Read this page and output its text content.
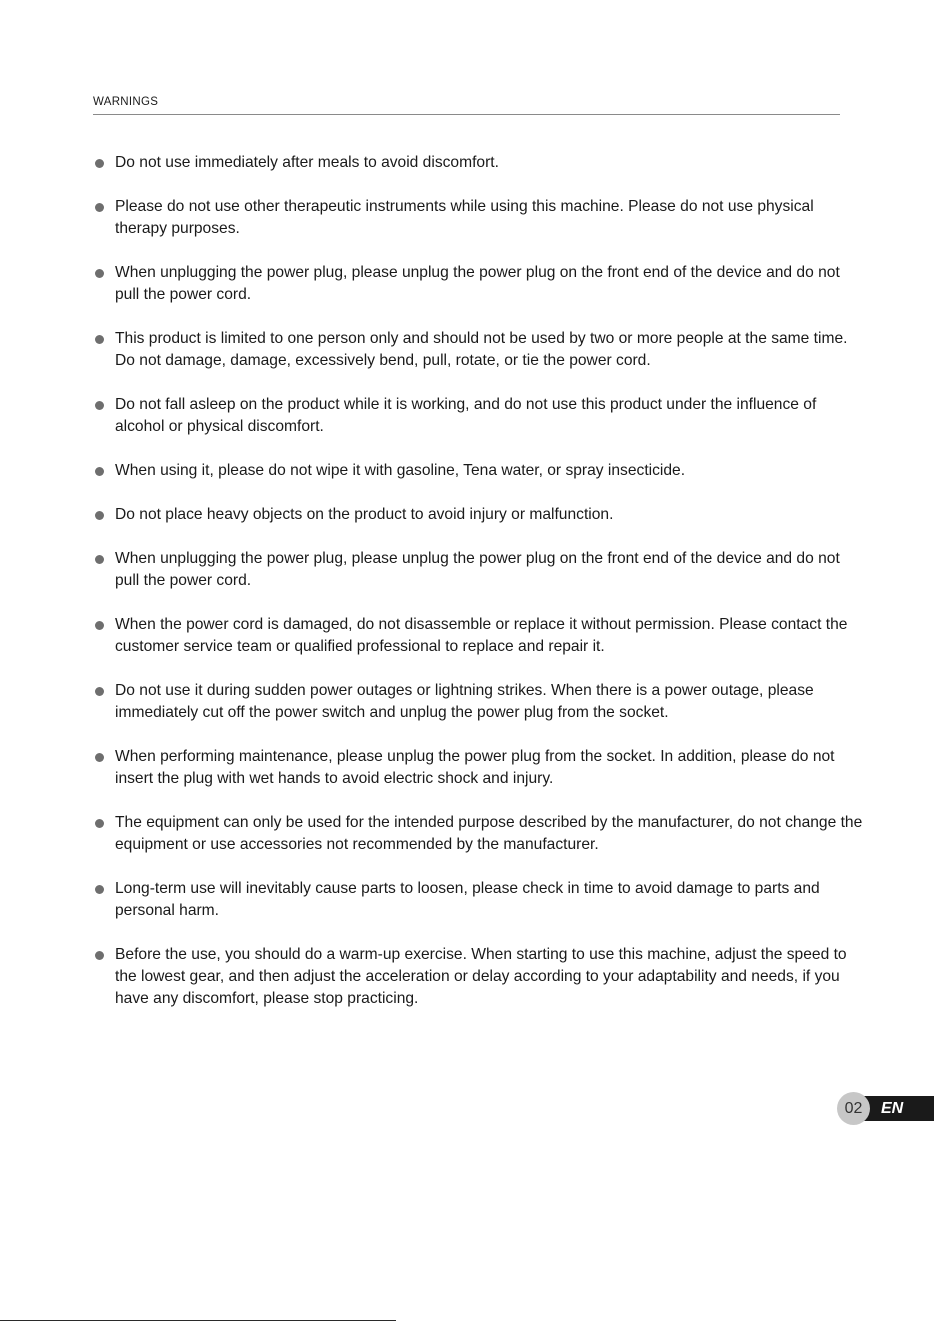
WARNINGS
Do not use immediately after meals to avoid discomfort.
Please do not use other therapeutic instruments while using this machine. Please do not use physical therapy purposes.
When unplugging the power plug, please unplug the power plug on the front end of the device and do not pull the power cord.
This product is limited to one person only and should not be used by two or more people at the same time. Do not damage, damage, excessively bend, pull, rotate, or tie the power cord.
Do not fall asleep on the product while it is working, and do not use this product under the influence of alcohol or physical discomfort.
When using it, please do not wipe it with gasoline, Tena water, or spray insecticide.
Do not place heavy objects on the product to avoid injury or malfunction.
When unplugging the power plug, please unplug the power plug on the front end of the device and do not pull the power cord.
When the power cord is damaged, do not disassemble or replace it without permission. Please contact the customer service team or qualified professional to replace and repair it.
Do not use it during sudden power outages or lightning strikes. When there is a power outage, please immediately cut off the power switch and unplug the power plug from the socket.
When performing maintenance, please unplug the power plug from the socket. In addition, please do not insert the plug with wet hands to avoid electric shock and injury.
The equipment can only be used for the intended purpose described by the manufacturer, do not change the equipment or use accessories not recommended by the manufacturer.
Long-term use will inevitably cause parts to loosen, please check in time to avoid damage to parts and personal harm.
Before the use, you should do a warm-up exercise. When starting to use this machine, adjust the speed to the lowest gear, and then adjust the acceleration or delay according to your adaptability and needs, if you have any discomfort, please stop practicing.
02	EN
